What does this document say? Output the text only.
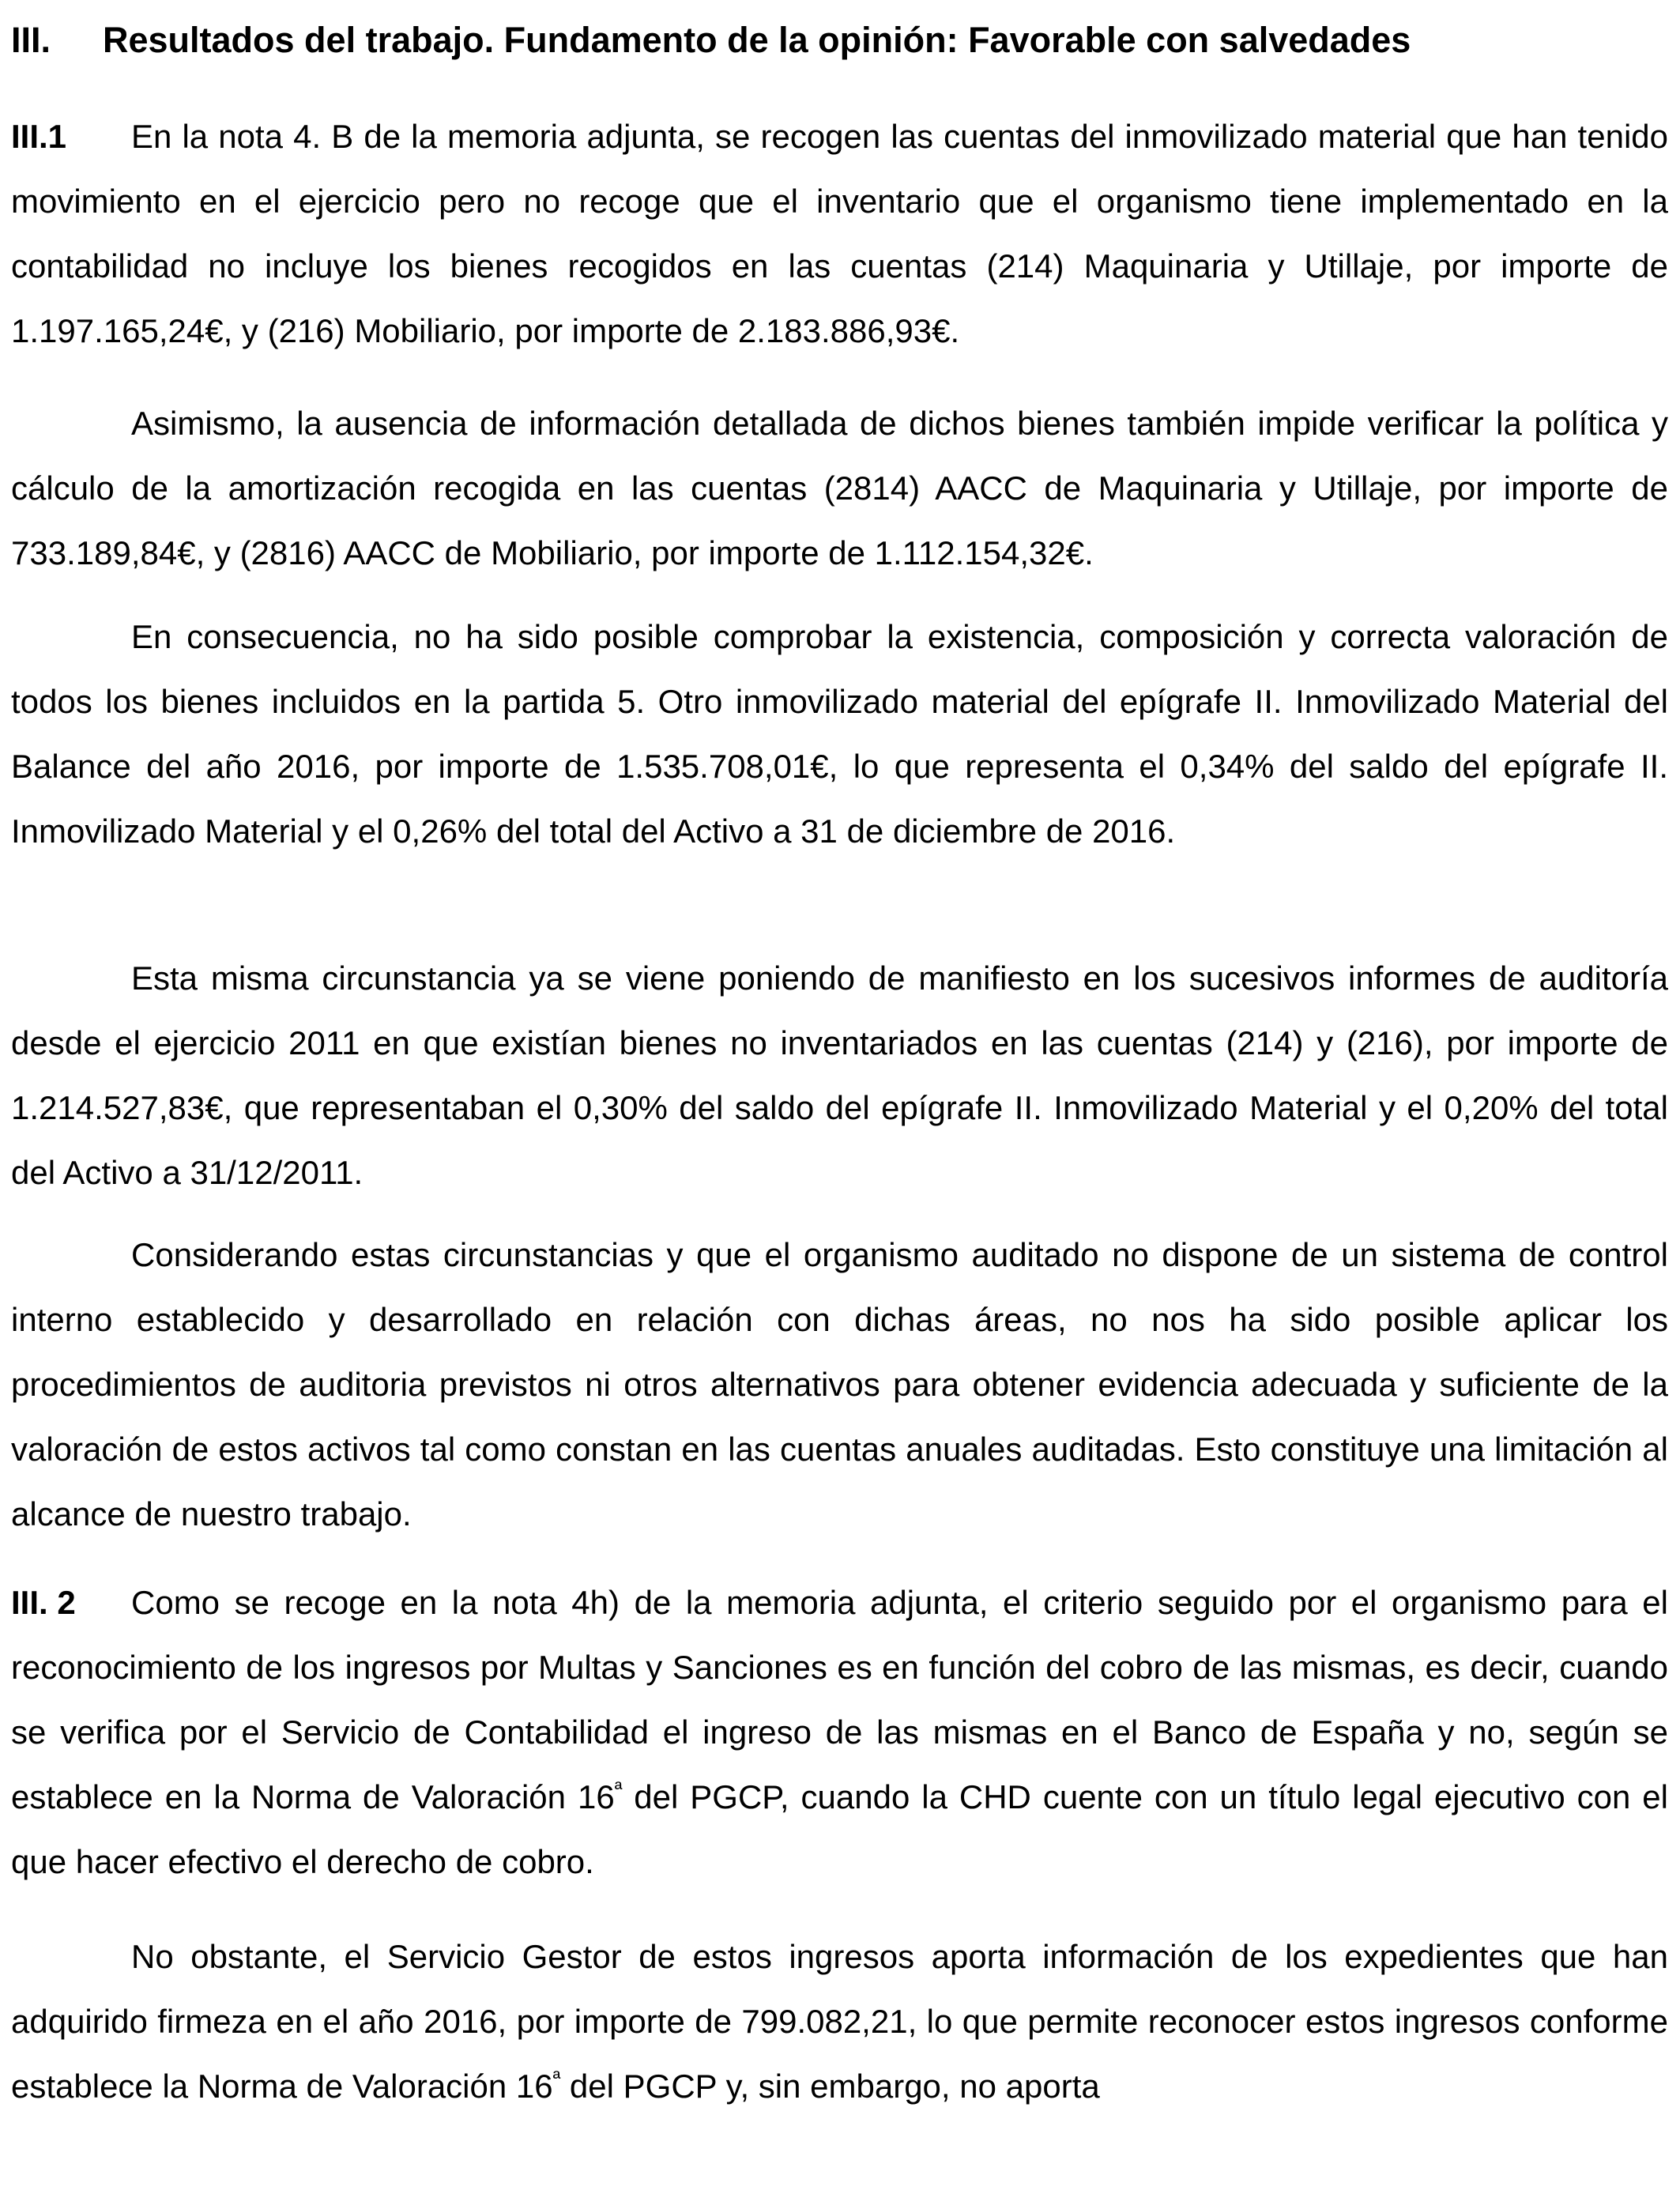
III. Resultados del trabajo. Fundamento de la opinión: Favorable con salvedades
III.1 En la nota 4. B de la memoria adjunta, se recogen las cuentas del inmovilizado material que han tenido movimiento en el ejercicio pero no recoge que el inventario que el organismo tiene implementado en la contabilidad no incluye los bienes recogidos en las cuentas (214) Maquinaria y Utillaje, por importe de 1.197.165,24€, y (216) Mobiliario, por importe de 2.183.886,93€.
Asimismo, la ausencia de información detallada de dichos bienes también impide verificar la política y cálculo de la amortización recogida en las cuentas (2814) AACC de Maquinaria y Utillaje, por importe de 733.189,84€, y (2816) AACC de Mobiliario, por importe de 1.112.154,32€.
En consecuencia, no ha sido posible comprobar la existencia, composición y correcta valoración de todos los bienes incluidos en la partida 5. Otro inmovilizado material del epígrafe II. Inmovilizado Material del Balance del año 2016, por importe de 1.535.708,01€, lo que representa el 0,34% del saldo del epígrafe II. Inmovilizado Material y el 0,26% del total del Activo a 31 de diciembre de 2016.
Esta misma circunstancia ya se viene poniendo de manifiesto en los sucesivos informes de auditoría desde el ejercicio 2011 en que existían bienes no inventariados en las cuentas (214) y (216), por importe de 1.214.527,83€, que representaban el 0,30% del saldo del epígrafe II. Inmovilizado Material y el 0,20% del total del Activo a 31/12/2011.
Considerando estas circunstancias y que el organismo auditado no dispone de un sistema de control interno establecido y desarrollado en relación con dichas áreas, no nos ha sido posible aplicar los procedimientos de auditoria previstos ni otros alternativos para obtener evidencia adecuada y suficiente de la valoración de estos activos tal como constan en las cuentas anuales auditadas. Esto constituye una limitación al alcance de nuestro trabajo.
III. 2 Como se recoge en la nota 4h) de la memoria adjunta, el criterio seguido por el organismo para el reconocimiento de los ingresos por Multas y Sanciones es en función del cobro de las mismas, es decir, cuando se verifica por el Servicio de Contabilidad el ingreso de las mismas en el Banco de España y no, según se establece en la Norma de Valoración $16^ª$ del PGCP, cuando la CHD cuente con un título legal ejecutivo con el que hacer efectivo el derecho de cobro.
No obstante, el Servicio Gestor de estos ingresos aporta información de los expedientes que han adquirido firmeza en el año 2016, por importe de 799.082,21, lo que permite reconocer estos ingresos conforme establece la Norma de Valoración $16^ª$ del PGCP y, sin embargo, no aporta
